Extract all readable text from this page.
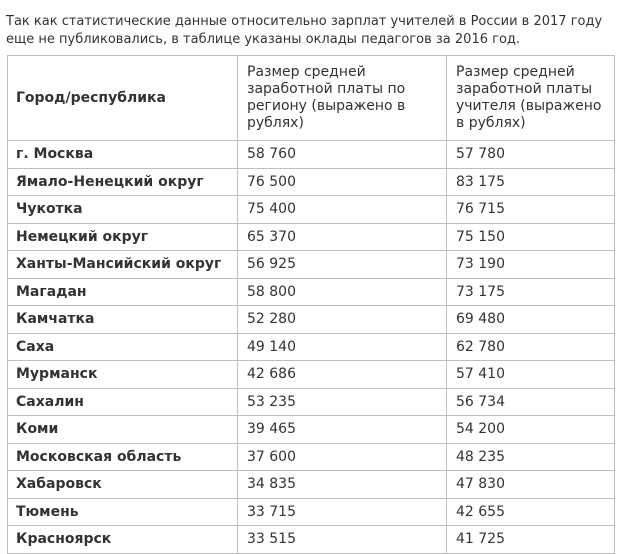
Так как статистические данные относительно зарплат учителей в России в 2017 году еще не публиковались, в таблице указаны оклады педагогов за 2016 год.

Город/республика	Размер средней заработной платы по региону (выражено в рублях)	Размер средней заработной платы учителя (выражено в рублях)
г. Москва	58 760	57 780
Ямало-Ненецкий округ	76 500	83 175
Чукотка	75 400	76 715
Немецкий округ	65 370	75 150
Ханты-Мансийский округ	56 925	73 190
Магадан	58 800	73 175
Камчатка	52 280	69 480
Саха	49 140	62 780
Мурманск	42 686	57 410
Сахалин	53 235	56 734
Коми	39 465	54 200
Московская область	37 600	48 235
Хабаровск	34 835	47 830
Тюмень	33 715	42 655
Красноярск	33 515	41 725
